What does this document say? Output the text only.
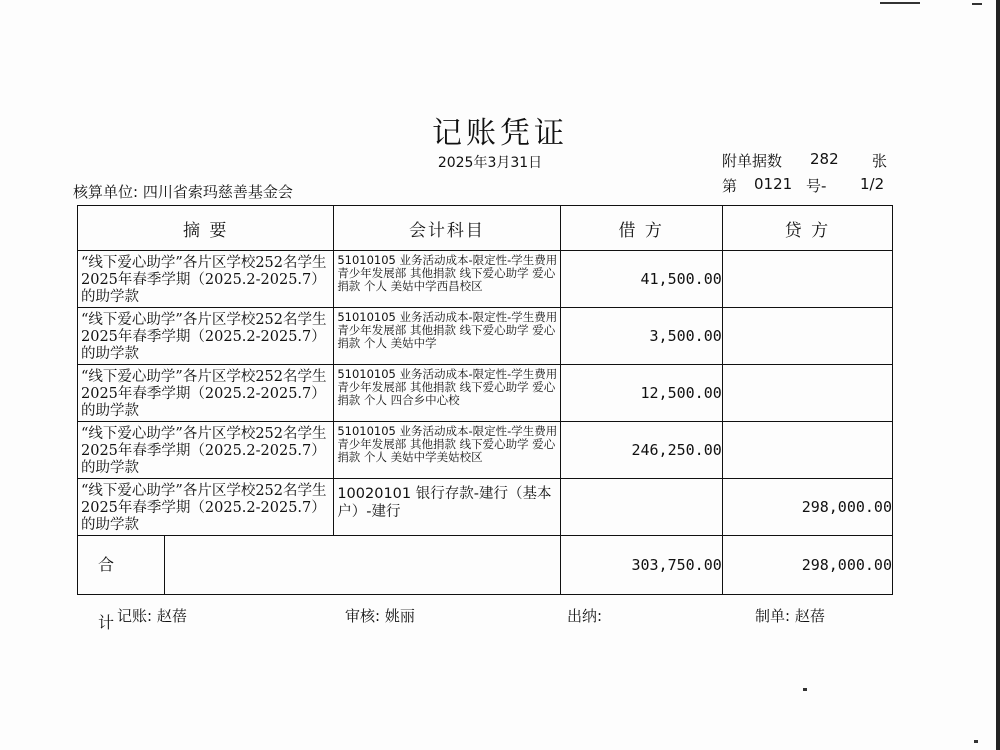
记账凭证
2025年3月31日	附单据数 282 张
核算单位: 四川省索玛慈善基金会	第 0121 号- 1/2
摘 要	会计科目	借 方	贷 方

“线下爱心助学”各片区学校252名学生2025年春季学期（2025.2-2025.7）的助学款	51010105 业务活动成本-限定性-学生费用 青少年发展部 其他捐款 线下爱心助学 爱心捐款 个人 美姑中学西昌校区	41,500.00	

“线下爱心助学”各片区学校252名学生2025年春季学期（2025.2-2025.7）的助学款	51010105 业务活动成本-限定性-学生费用 青少年发展部 其他捐款 线下爱心助学 爱心捐款 个人 美姑中学	3,500.00	

“线下爱心助学”各片区学校252名学生2025年春季学期（2025.2-2025.7）的助学款	51010105 业务活动成本-限定性-学生费用 青少年发展部 其他捐款 线下爱心助学 爱心捐款 个人 四合乡中心校	12,500.00	

“线下爱心助学”各片区学校252名学生2025年春季学期（2025.2-2025.7）的助学款	51010105 业务活动成本-限定性-学生费用 青少年发展部 其他捐款 线下爱心助学 爱心捐款 个人 美姑中学美姑校区	246,250.00	

“线下爱心助学”各片区学校252名学生2025年春季学期（2025.2-2025.7）的助学款	10020101 银行存款-建行（基本户）-建行		298,000.00

合 计		303,750.00	298,000.00
记账: 赵蓓	审核: 姚丽	出纳:	制单: 赵蓓
